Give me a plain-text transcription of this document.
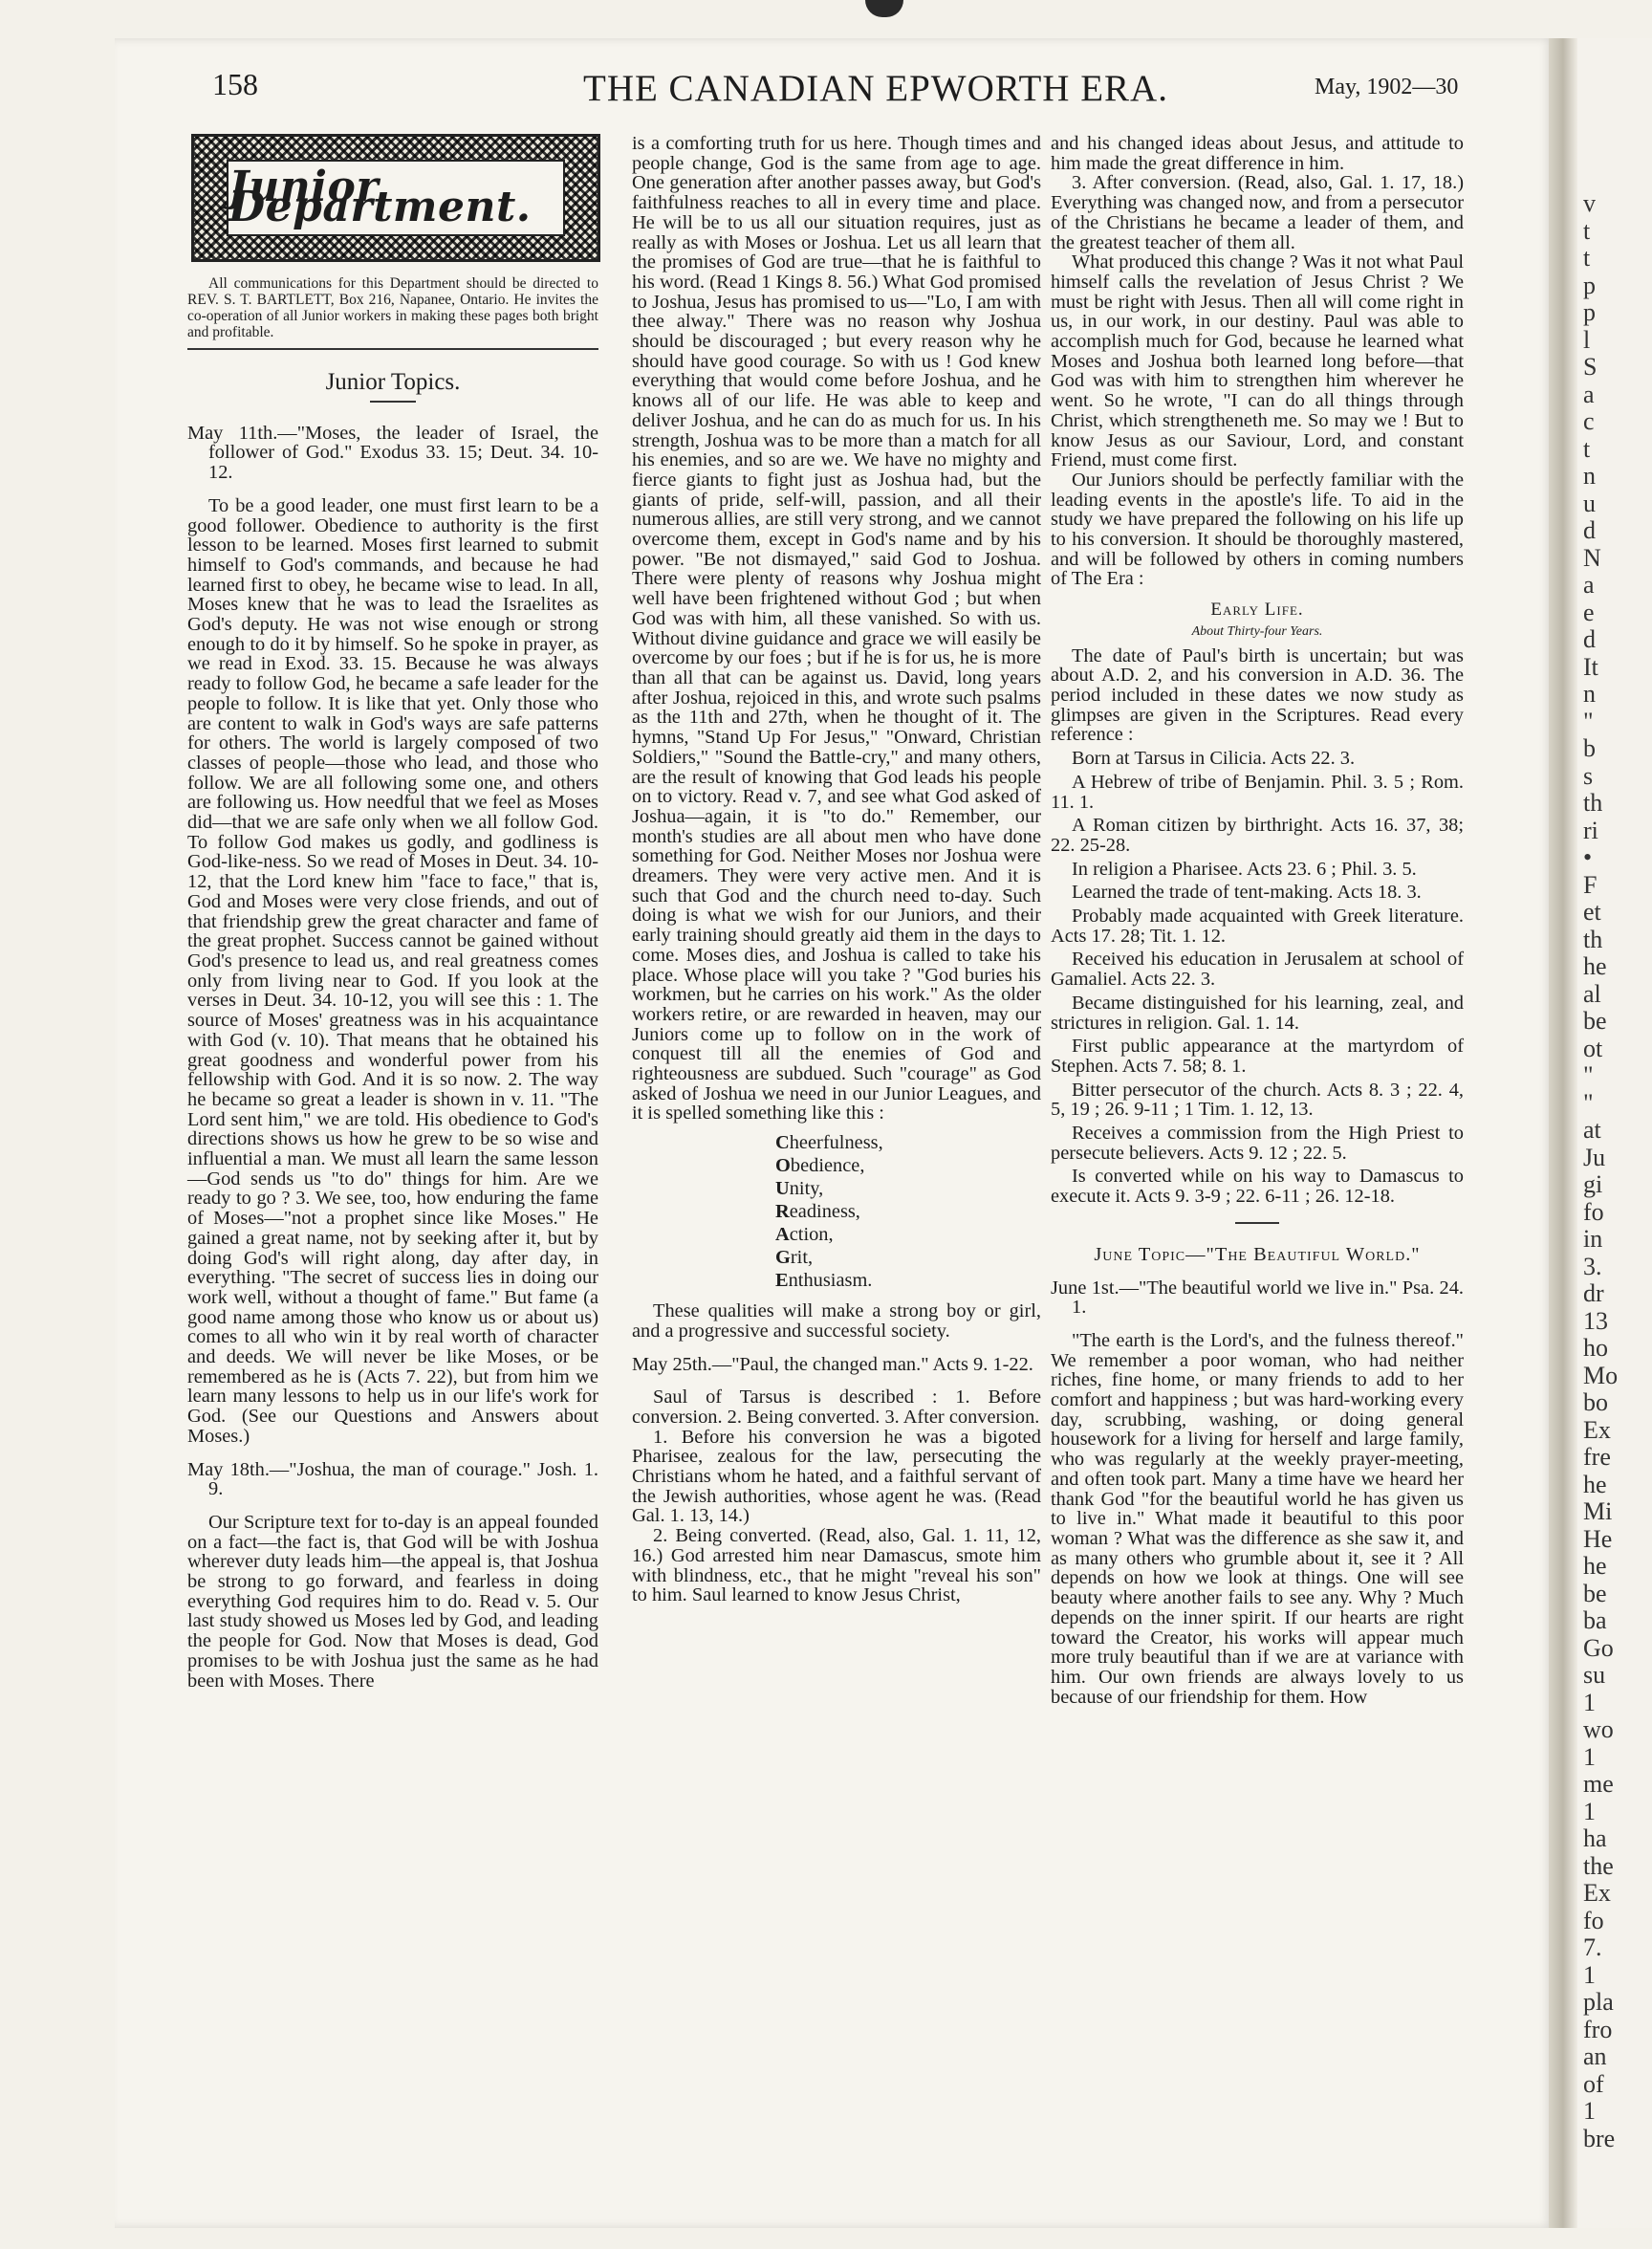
v
t
t
p
p
l
S
a
c
t
n
u
d
N
a
e
d
It
n
"
b
s
th
ri
•
F
et
th
he
al
be
ot
"
"
at
Ju
gi
fo
in
3.
dr
13
ho
Mo
bo
Ex
fre
he
Mi
He
he
be
ba
Go
su
1
wo
1
me
1
ha
the
Ex
fo
7.
1
pla
fro
an
of
1
bre
158	THE CANADIAN EPWORTH ERA.	May, 1902—30
Junior Department.

All communications for this Department should be directed to REV. S. T. BARTLETT, Box 216, Napanee, Ontario. He invites the co-operation of all Junior workers in making these pages both bright and profitable.

Junior Topics.

May 11th.—"Moses, the leader of Israel, the follower of God." Exodus 33. 15; Deut. 34. 10-12.

To be a good leader, one must first learn to be a good follower. Obedience to authority is the first lesson to be learned. Moses first learned to submit himself to God's commands, and because he had learned first to obey, he became wise to lead. In all, Moses knew that he was to lead the Israelites as God's deputy. He was not wise enough or strong enough to do it by himself. So he spoke in prayer, as we read in Exod. 33. 15. Because he was always ready to follow God, he became a safe leader for the people to follow. It is like that yet. Only those who are content to walk in God's ways are safe patterns for others. The world is largely composed of two classes of people—those who lead, and those who follow. We are all following some one, and others are following us. How needful that we feel as Moses did—that we are safe only when we all follow God. To follow God makes us godly, and godliness is God-like-ness. So we read of Moses in Deut. 34. 10-12, that the Lord knew him "face to face," that is, God and Moses were very close friends, and out of that friendship grew the great character and fame of the great prophet. Success cannot be gained without God's presence to lead us, and real greatness comes only from living near to God. If you look at the verses in Deut. 34. 10-12, you will see this : 1. The source of Moses' greatness was in his acquaintance with God (v. 10). That means that he obtained his great goodness and wonderful power from his fellowship with God. And it is so now. 2. The way he became so great a leader is shown in v. 11. "The Lord sent him," we are told. His obedience to God's directions shows us how he grew to be so wise and influential a man. We must all learn the same lesson—God sends us "to do" things for him. Are we ready to go ? 3. We see, too, how enduring the fame of Moses—"not a prophet since like Moses." He gained a great name, not by seeking after it, but by doing God's will right along, day after day, in everything. "The secret of success lies in doing our work well, without a thought of fame." But fame (a good name among those who know us or about us) comes to all who win it by real worth of character and deeds. We will never be like Moses, or be remembered as he is (Acts 7. 22), but from him we learn many lessons to help us in our life's work for God. (See our Questions and Answers about Moses.)

May 18th.—"Joshua, the man of courage." Josh. 1. 9.

Our Scripture text for to-day is an appeal founded on a fact—the fact is, that God will be with Joshua wherever duty leads him—the appeal is, that Joshua be strong to go forward, and fearless in doing everything God requires him to do. Read v. 5. Our last study showed us Moses led by God, and leading the people for God. Now that Moses is dead, God promises to be with Joshua just the same as he had been with Moses. There

is a comforting truth for us here. Though times and people change, God is the same from age to age. One generation after another passes away, but God's faithfulness reaches to all in every time and place. He will be to us all our situation requires, just as really as with Moses or Joshua. Let us all learn that the promises of God are true—that he is faithful to his word. (Read 1 Kings 8. 56.) What God promised to Joshua, Jesus has promised to us—"Lo, I am with thee alway." There was no reason why Joshua should be discouraged ; but every reason why he should have good courage. So with us ! God knew everything that would come before Joshua, and he knows all of our life. He was able to keep and deliver Joshua, and he can do as much for us. In his strength, Joshua was to be more than a match for all his enemies, and so are we. We have no mighty and fierce giants to fight just as Joshua had, but the giants of pride, self-will, passion, and all their numerous allies, are still very strong, and we cannot overcome them, except in God's name and by his power. "Be not dismayed," said God to Joshua. There were plenty of reasons why Joshua might well have been frightened without God ; but when God was with him, all these vanished. So with us. Without divine guidance and grace we will easily be overcome by our foes ; but if he is for us, he is more than all that can be against us. David, long years after Joshua, rejoiced in this, and wrote such psalms as the 11th and 27th, when he thought of it. The hymns, "Stand Up For Jesus," "Onward, Christian Soldiers," "Sound the Battle-cry," and many others, are the result of knowing that God leads his people on to victory. Read v. 7, and see what God asked of Joshua—again, it is "to do." Remember, our month's studies are all about men who have done something for God. Neither Moses nor Joshua were dreamers. They were very active men. And it is such that God and the church need to-day. Such doing is what we wish for our Juniors, and their early training should greatly aid them in the days to come. Moses dies, and Joshua is called to take his place. Whose place will you take ? "God buries his workmen, but he carries on his work." As the older workers retire, or are rewarded in heaven, may our Juniors come up to follow on in the work of conquest till all the enemies of God and righteousness are subdued. Such "courage" as God asked of Joshua we need in our Junior Leagues, and it is spelled something like this :

Cheerfulness,
Obedience,
Unity,
Readiness,
Action,
Grit,
Enthusiasm.

These qualities will make a strong boy or girl, and a progressive and successful society.

May 25th.—"Paul, the changed man." Acts 9. 1-22.

Saul of Tarsus is described : 1. Before conversion. 2. Being converted. 3. After conversion.

1. Before his conversion he was a bigoted Pharisee, zealous for the law, persecuting the Christians whom he hated, and a faithful servant of the Jewish authorities, whose agent he was. (Read Gal. 1. 13, 14.)

2. Being converted. (Read, also, Gal. 1. 11, 12, 16.) God arrested him near Damascus, smote him with blindness, etc., that he might "reveal his son" to him. Saul learned to know Jesus Christ,

and his changed ideas about Jesus, and attitude to him made the great difference in him.

3. After conversion. (Read, also, Gal. 1. 17, 18.) Everything was changed now, and from a persecutor of the Christians he became a leader of them, and the greatest teacher of them all.

What produced this change ? Was it not what Paul himself calls the revelation of Jesus Christ ? We must be right with Jesus. Then all will come right in us, in our work, in our destiny. Paul was able to accomplish much for God, because he learned what Moses and Joshua both learned long before—that God was with him to strengthen him wherever he went. So he wrote, "I can do all things through Christ, which strengtheneth me. So may we ! But to know Jesus as our Saviour, Lord, and constant Friend, must come first.

Our Juniors should be perfectly familiar with the leading events in the apostle's life. To aid in the study we have prepared the following on his life up to his conversion. It should be thoroughly mastered, and will be followed by others in coming numbers of The Era :

Early Life.
About Thirty-four Years.

The date of Paul's birth is uncertain; but was about A.D. 2, and his conversion in A.D. 36. The period included in these dates we now study as glimpses are given in the Scriptures. Read every reference :

Born at Tarsus in Cilicia. Acts 22. 3.

A Hebrew of tribe of Benjamin. Phil. 3. 5 ; Rom. 11. 1.

A Roman citizen by birthright. Acts 16. 37, 38; 22. 25-28.

In religion a Pharisee. Acts 23. 6 ; Phil. 3. 5.

Learned the trade of tent-making. Acts 18. 3.

Probably made acquainted with Greek literature. Acts 17. 28; Tit. 1. 12.

Received his education in Jerusalem at school of Gamaliel. Acts 22. 3.

Became distinguished for his learning, zeal, and strictures in religion. Gal. 1. 14.

First public appearance at the martyrdom of Stephen. Acts 7. 58; 8. 1.

Bitter persecutor of the church. Acts 8. 3 ; 22. 4, 5, 19 ; 26. 9-11 ; 1 Tim. 1. 12, 13.

Receives a commission from the High Priest to persecute believers. Acts 9. 12 ; 22. 5.

Is converted while on his way to Damascus to execute it. Acts 9. 3-9 ; 22. 6-11 ; 26. 12-18.

June Topic—"The Beautiful World."

June 1st.—"The beautiful world we live in." Psa. 24. 1.

"The earth is the Lord's, and the fulness thereof." We remember a poor woman, who had neither riches, fine home, or many friends to add to her comfort and happiness ; but was hard-working every day, scrubbing, washing, or doing general housework for a living for herself and large family, who was regularly at the weekly prayer-meeting, and often took part. Many a time have we heard her thank God "for the beautiful world he has given us to live in." What made it beautiful to this poor woman ? What was the difference as she saw it, and as many others who grumble about it, see it ? All depends on how we look at things. One will see beauty where another fails to see any. Why ? Much depends on the inner spirit. If our hearts are right toward the Creator, his works will appear much more truly beautiful than if we are at variance with him. Our own friends are always lovely to us because of our friendship for them. How
